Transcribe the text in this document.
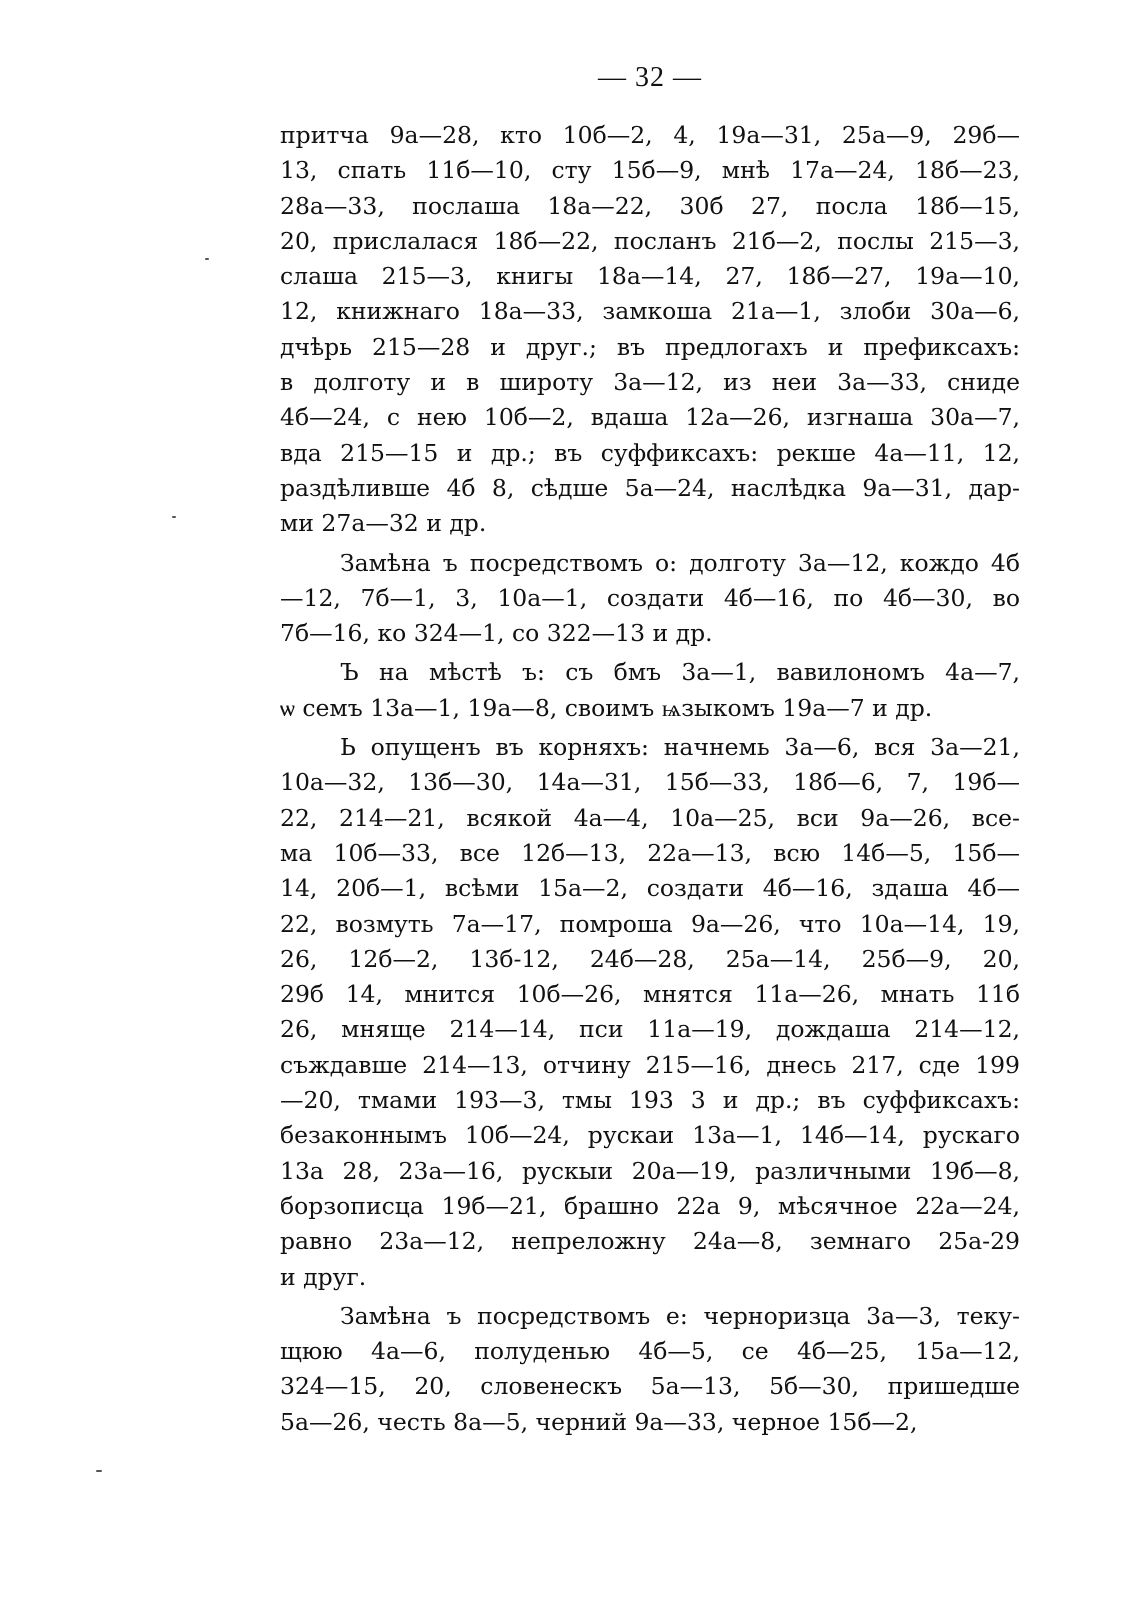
— 32 —
притча 9а—28, кто 10б—2, 4, 19а—31, 25а—9, 29б—
13, спать 11б—10, сту 15б—9, мнѣ 17а—24, 18б—23,
28а—33, послаша 18а—22, 30б 27, посла 18б—15,
20, прислалася 18б—22, посланъ 21б—2, послы 215—3,
слаша 215—3, книгы 18а—14, 27, 18б—27, 19а—10,
12, книжнаго 18а—33, замкоша 21а—1, злоби 30а—6,
дчѣрь 215—28 и друг.; въ предлогахъ и префиксахъ:
в долготу и в широту 3а—12, из неи 3а—33, сниде
4б—24, с нею 10б—2, вдаша 12а—26, изгнаша 30а—7,
вда 215—15 и др.; въ суффиксахъ: рекше 4а—11, 12,
раздѣливше 4б 8, сѣдше 5а—24, наслѣдка 9а—31, дар-
ми 27а—32 и др.
Замѣна ъ посредствомъ о: долготу 3а—12, кождо 4б
—12, 7б—1, 3, 10а—1, создати 4б—16, по 4б—30, во
7б—16, ко 324—1, со 322—13 и др.
Ъ на мѣстѣ ъ: съ бмъ 3а—1, вавилономъ 4а—7,
ѡ семъ 13а—1, 19а—8, своимъ ѩзыкомъ 19а—7 и др.
Ь опущенъ въ корняхъ: начнемь 3а—6, вся 3а—21,
10а—32, 13б—30, 14а—31, 15б—33, 18б—6, 7, 19б—
22, 214—21, всякой 4а—4, 10а—25, вси 9а—26, все-
ма 10б—33, все 12б—13, 22а—13, всю 14б—5, 15б—
14, 20б—1, всѣми 15а—2, создати 4б—16, здаша 4б—
22, возмуть 7а—17, помроша 9а—26, что 10а—14, 19,
26, 12б—2, 13б-12, 24б—28, 25а—14, 25б—9, 20,
29б 14, мнится 10б—26, мнятся 11а—26, мнать 11б
26, мняще 214—14, пси 11а—19, дождаша 214—12,
съждавше 214—13, отчину 215—16, днесь 217, сде 199
—20, тмами 193—3, тмы 193 3 и др.; въ суффиксахъ:
безаконнымъ 10б—24, рускаи 13а—1, 14б—14, рускаго
13а 28, 23а—16, рускыи 20а—19, различными 19б—8,
борзописца 19б—21, брашно 22а 9, мѣсячное 22а—24,
равно 23а—12, непреложну 24а—8, земнаго 25а-29
и друг.
Замѣна ъ посредствомъ е: черноризца 3а—3, теку-
щюю 4а—6, полуденью 4б—5, се 4б—25, 15а—12,
324—15, 20, словенескъ 5а—13, 5б—30, пришедше
5а—26, честь 8а—5, черний 9а—33, черное 15б—2,
